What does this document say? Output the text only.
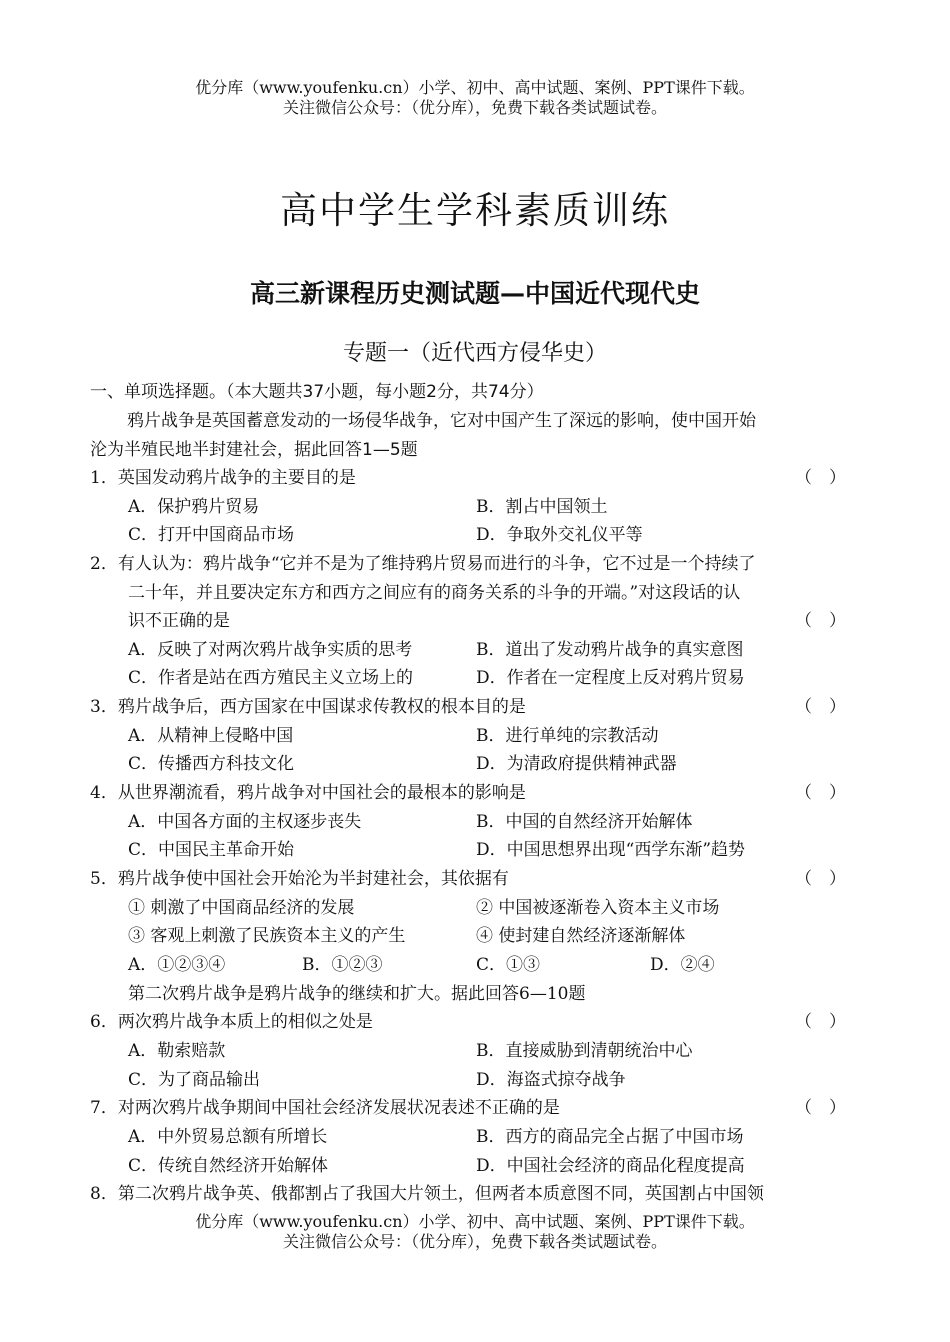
优分库（www.youfenku.cn）小学、初中、高中试题、案例、PPT课件下载。
关注微信公众号：（优分库），免费下载各类试题试卷。
高中学生学科素质训练
高三新课程历史测试题—中国近代现代史
专题一（近代西方侵华史）
一、单项选择题。（本大题共37小题，每小题2分，共74分）
鸦片战争是英国蓄意发动的一场侵华战争，它对中国产生了深远的影响，使中国开始
沦为半殖民地半封建社会，据此回答1—5题
1．英国发动鸦片战争的主要目的是	（　）
A．保护鸦片贸易	B．割占中国领土
C．打开中国商品市场	D．争取外交礼仪平等
2．有人认为：鸦片战争“它并不是为了维持鸦片贸易而进行的斗争，它不过是一个持续了
二十年，并且要决定东方和西方之间应有的商务关系的斗争的开端。”对这段话的认
识不正确的是	（　）
A．反映了对两次鸦片战争实质的思考	B．道出了发动鸦片战争的真实意图
C．作者是站在西方殖民主义立场上的	D．作者在一定程度上反对鸦片贸易
3．鸦片战争后，西方国家在中国谋求传教权的根本目的是	（　）
A．从精神上侵略中国	B．进行单纯的宗教活动
C．传播西方科技文化	D．为清政府提供精神武器
4．从世界潮流看，鸦片战争对中国社会的最根本的影响是	（　）
A．中国各方面的主权逐步丧失	B．中国的自然经济开始解体
C．中国民主革命开始	D．中国思想界出现“西学东渐”趋势
5．鸦片战争使中国社会开始沦为半封建社会，其依据有	（　）
① 刺激了中国商品经济的发展	② 中国被逐渐卷入资本主义市场
③ 客观上刺激了民族资本主义的产生	④ 使封建自然经济逐渐解体
A．①②③④	B．①②③	C．①③	D．②④
第二次鸦片战争是鸦片战争的继续和扩大。据此回答6—10题
6．两次鸦片战争本质上的相似之处是	（　）
A．勒索赔款	B．直接威胁到清朝统治中心
C．为了商品输出	D．海盗式掠夺战争
7．对两次鸦片战争期间中国社会经济发展状况表述不正确的是	（　）
A．中外贸易总额有所增长	B．西方的商品完全占据了中国市场
C．传统自然经济开始解体	D．中国社会经济的商品化程度提高
8．第二次鸦片战争英、俄都割占了我国大片领土，但两者本质意图不同，英国割占中国领
优分库（www.youfenku.cn）小学、初中、高中试题、案例、PPT课件下载。
关注微信公众号：（优分库），免费下载各类试题试卷。
